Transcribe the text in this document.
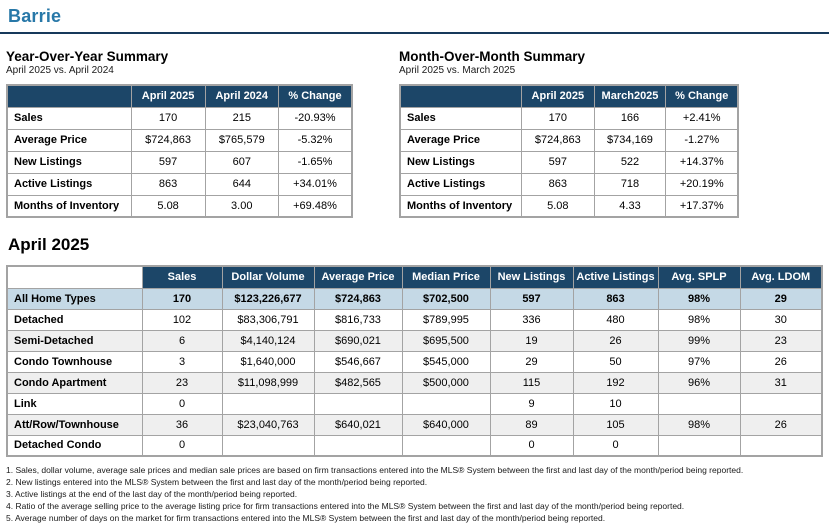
Barrie
Year-Over-Year Summary
April 2025 vs. April 2024
	April 2025	April 2024	% Change
Sales	170	215	-20.93%
Average Price	$724,863	$765,579	-5.32%
New Listings	597	607	-1.65%
Active Listings	863	644	+34.01%
Months of Inventory	5.08	3.00	+69.48%
Month-Over-Month Summary
April 2025 vs. March 2025
	April 2025	March2025	% Change
Sales	170	166	+2.41%
Average Price	$724,863	$734,169	-1.27%
New Listings	597	522	+14.37%
Active Listings	863	718	+20.19%
Months of Inventory	5.08	4.33	+17.37%
April 2025
	Sales	Dollar Volume	Average Price	Median Price	New Listings	Active Listings	Avg. SPLP	Avg. LDOM
All Home Types	170	$123,226,677	$724,863	$702,500	597	863	98%	29
Detached	102	$83,306,791	$816,733	$789,995	336	480	98%	30
Semi-Detached	6	$4,140,124	$690,021	$695,500	19	26	99%	23
Condo Townhouse	3	$1,640,000	$546,667	$545,000	29	50	97%	26
Condo Apartment	23	$11,098,999	$482,565	$500,000	115	192	96%	31
Link	0				9	10		
Att/Row/Townhouse	36	$23,040,763	$640,021	$640,000	89	105	98%	26
Detached Condo	0				0	0		
1. Sales, dollar volume, average sale prices and median sale prices are based on firm transactions entered into the MLS® System between the first and last day of the month/period being reported.
2. New listings entered into the MLS® System between the first and last day of the month/period being reported.
3. Active listings at the end of the last day of the month/period being reported.
4. Ratio of the average selling price to the average listing price for firm transactions entered into the MLS® System between the first and last day of the month/period being reported.
5. Average number of days on the market for firm transactions entered into the MLS® System between the first and last day of the month/period being reported.
